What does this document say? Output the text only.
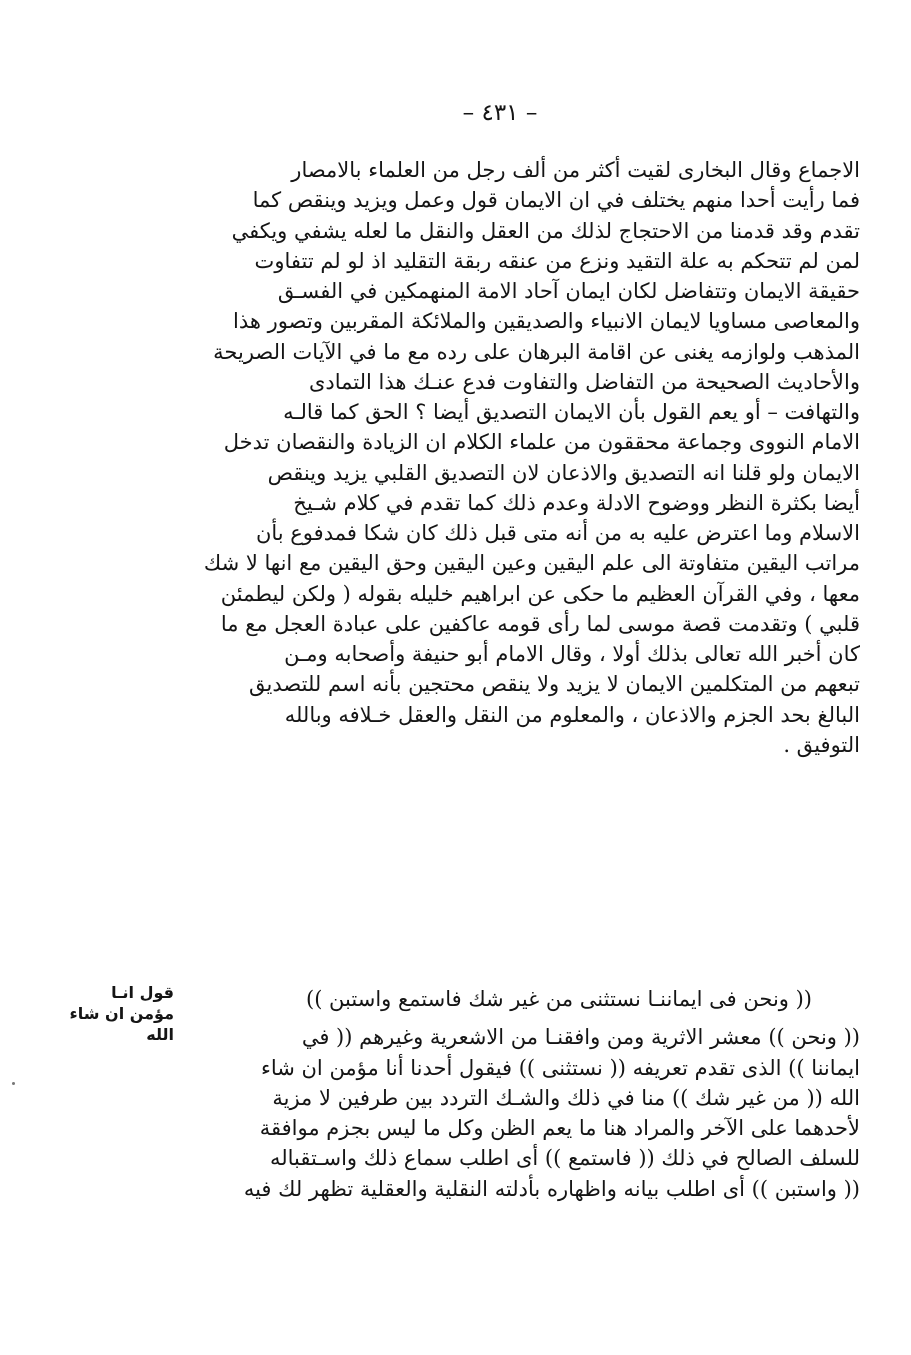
– ٤٣١ –
الاجماع وقال البخارى لقيت أكثر من ألف رجل من العلماء بالامصار
فما رأيت أحدا منهم يختلف في ان الايمان قول وعمل ويزيد وينقص كما
تقدم وقد قدمنا من الاحتجاج لذلك من العقل والنقل ما لعله يشفي ويكفي
لمن لم تتحكم به علة التقيد ونزع من عنقه ربقة التقليد اذ لو لم تتفاوت
حقيقة الايمان وتتفاضل لكان ايمان آحاد الامة المنهمكين في الفسـق
والمعاصى مساويا لايمان الانبياء والصديقين والملائكة المقربين وتصور هذا
المذهب ولوازمه يغنى عن اقامة البرهان على رده مع ما في الآيات الصريحة
والأحاديث الصحيحة من التفاضل والتفاوت فدع عنـك هذا التمادى
والتهافت – أو يعم القول بأن الايمان التصديق أيضا ؟ الحق كما قالـه
الامام النووى وجماعة محققون من علماء الكلام ان الزيادة والنقصان تدخل
الايمان ولو قلنا انه التصديق والاذعان لان التصديق القلبي يزيد وينقص
أيضا بكثرة النظر ووضوح الادلة وعدم ذلك كما تقدم في كلام شـيخ
الاسلام وما اعترض عليه به من أنه متى قبل ذلك كان شكا فمدفوع بأن
مراتب اليقين متفاوتة الى علم اليقين وعين اليقين وحق اليقين مع انها لا شك
معها ، وفي القرآن العظيم ما حكى عن ابراهيم خليله بقوله ( ولكن ليطمئن
قلبي ) وتقدمت قصة موسى لما رأى قومه عاكفين على عبادة العجل مع ما
كان أخبر الله تعالى بذلك أولا ، وقال الامام أبو حنيفة وأصحابه ومـن
تبعهم من المتكلمين الايمان لا يزيد ولا ينقص محتجين بأنه اسم للتصديق
البالغ بحد الجزم والاذعان ، والمعلوم من النقل والعقل خـلافه وبالله
التوفيق .
(( ونحن فى ايماننـا نستثنى من غير شك فاستمع واستبن ))
(( ونحن )) معشر الاثرية ومن وافقنـا من الاشعرية وغيرهم (( في
ايماننا )) الذى تقدم تعريفه (( نستثنى )) فيقول أحدنا أنا مؤمن ان شاء
الله (( من غير شك )) منا في ذلك والشـك التردد بين طرفين لا مزية
لأحدهما على الآخر والمراد هنا ما يعم الظن وكل ما ليس بجزم موافقة
للسلف الصالح في ذلك (( فاستمع )) أى اطلب سماع ذلك واسـتقباله
(( واستبن )) أى اطلب بيانه واظهاره بأدلته النقلية والعقلية تظهر لك فيه
قول انـا
مؤمن ان شاء
الله
